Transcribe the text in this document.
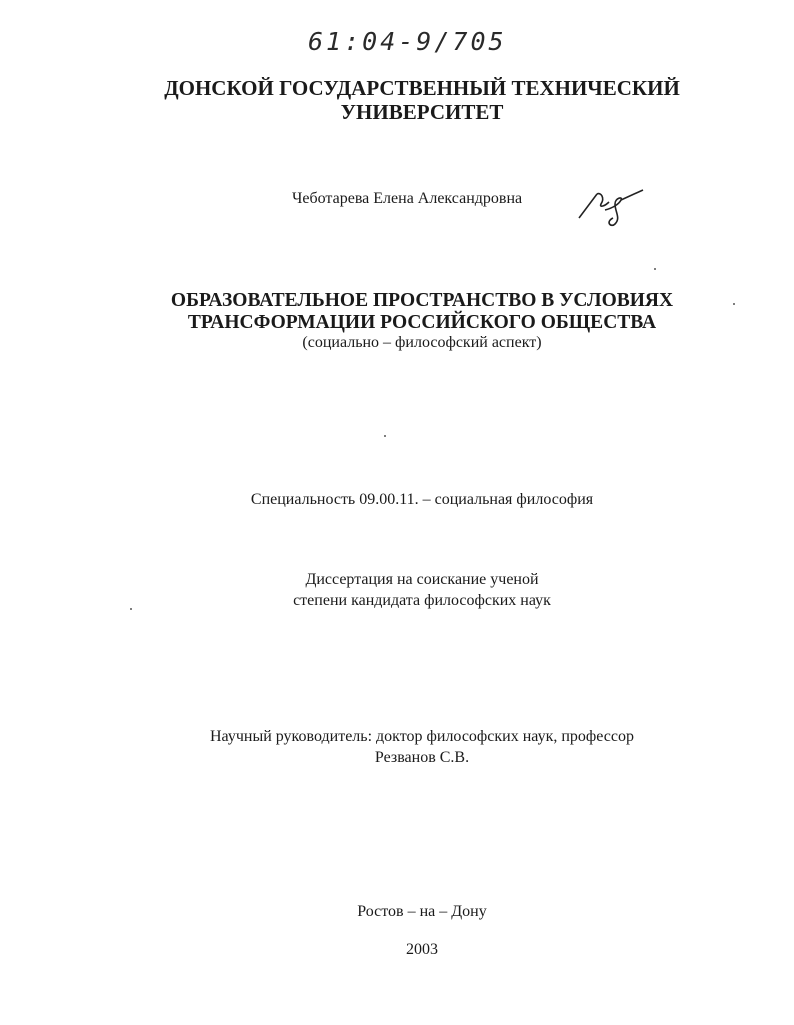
61:04-9/705
ДОНСКОЙ ГОСУДАРСТВЕННЫЙ ТЕХНИЧЕСКИЙ
УНИВЕРСИТЕТ
Чеботарева Елена Александровна
ОБРАЗОВАТЕЛЬНОЕ ПРОСТРАНСТВО В УСЛОВИЯХ
ТРАНСФОРМАЦИИ РОССИЙСКОГО ОБЩЕСТВА
(социально – философский аспект)
Специальность 09.00.11. – социальная философия
Диссертация на соискание ученой
степени кандидата философских наук
Научный руководитель: доктор философских наук, профессор
Резванов С.В.
Ростов – на – Дону
2003
